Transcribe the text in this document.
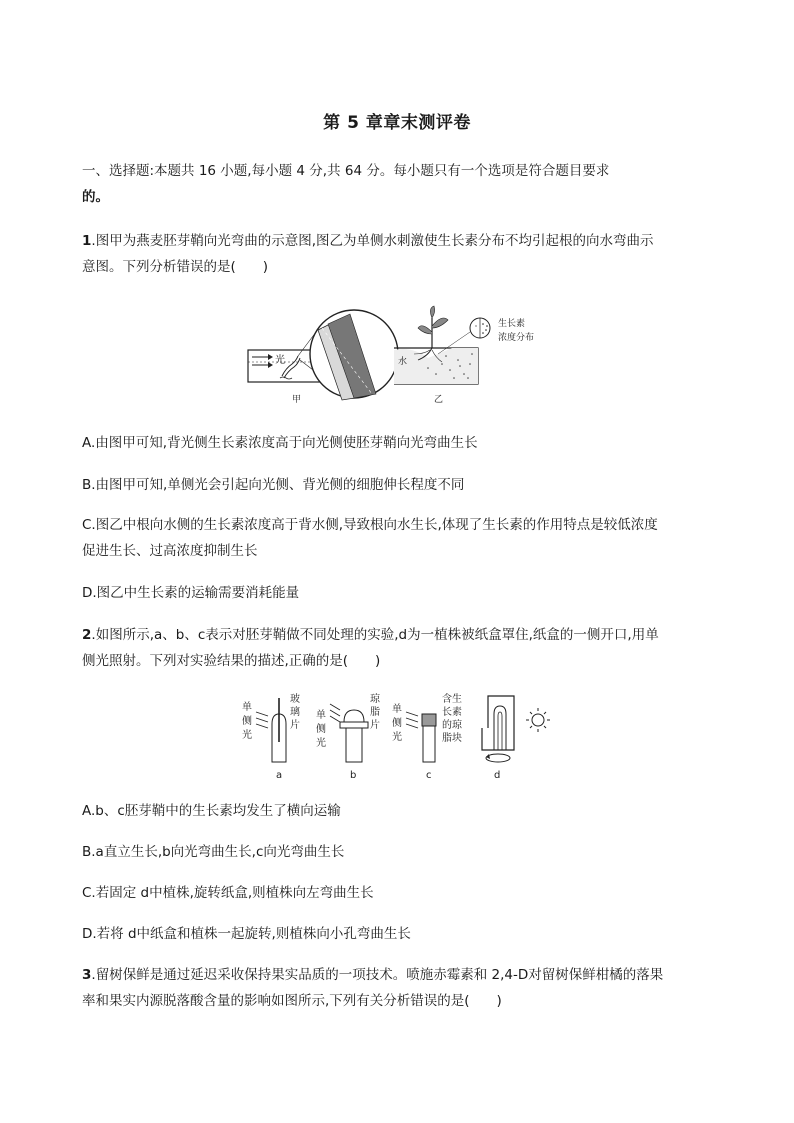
第 5 章章末测评卷

一、选择题:本题共 16 小题,每小题 4 分,共 64 分。每小题只有一个选项是符合题目要求
的。

1.图甲为燕麦胚芽鞘向光弯曲的示意图,图乙为单侧水刺激使生长素分布不均引起根的向水弯曲示
意图。下列分析错误的是(　　)

光
甲
水
生长素
浓度分布
乙

A.由图甲可知,背光侧生长素浓度高于向光侧使胚芽鞘向光弯曲生长

B.由图甲可知,单侧光会引起向光侧、背光侧的细胞伸长程度不同

C.图乙中根向水侧的生长素浓度高于背水侧,导致根向水生长,体现了生长素的作用特点是较低浓度
促进生长、过高浓度抑制生长

D.图乙中生长素的运输需要消耗能量

2.如图所示,a、b、c表示对胚芽鞘做不同处理的实验,d为一植株被纸盒罩住,纸盒的一侧开口,用单
侧光照射。下列对实验结果的描述,正确的是(　　)

单
侧
光
玻
璃
片
a
单
侧
光
琼
脂
片
b
单
侧
光
含生
长素
的琼
脂块
c	d

A.b、c胚芽鞘中的生长素均发生了横向运输

B.a直立生长,b向光弯曲生长,c向光弯曲生长

C.若固定 d中植株,旋转纸盒,则植株向左弯曲生长

D.若将 d中纸盒和植株一起旋转,则植株向小孔弯曲生长

3.留树保鲜是通过延迟采收保持果实品质的一项技术。喷施赤霉素和 2,4-D对留树保鲜柑橘的落果
率和果实内源脱落酸含量的影响如图所示,下列有关分析错误的是(　　)
